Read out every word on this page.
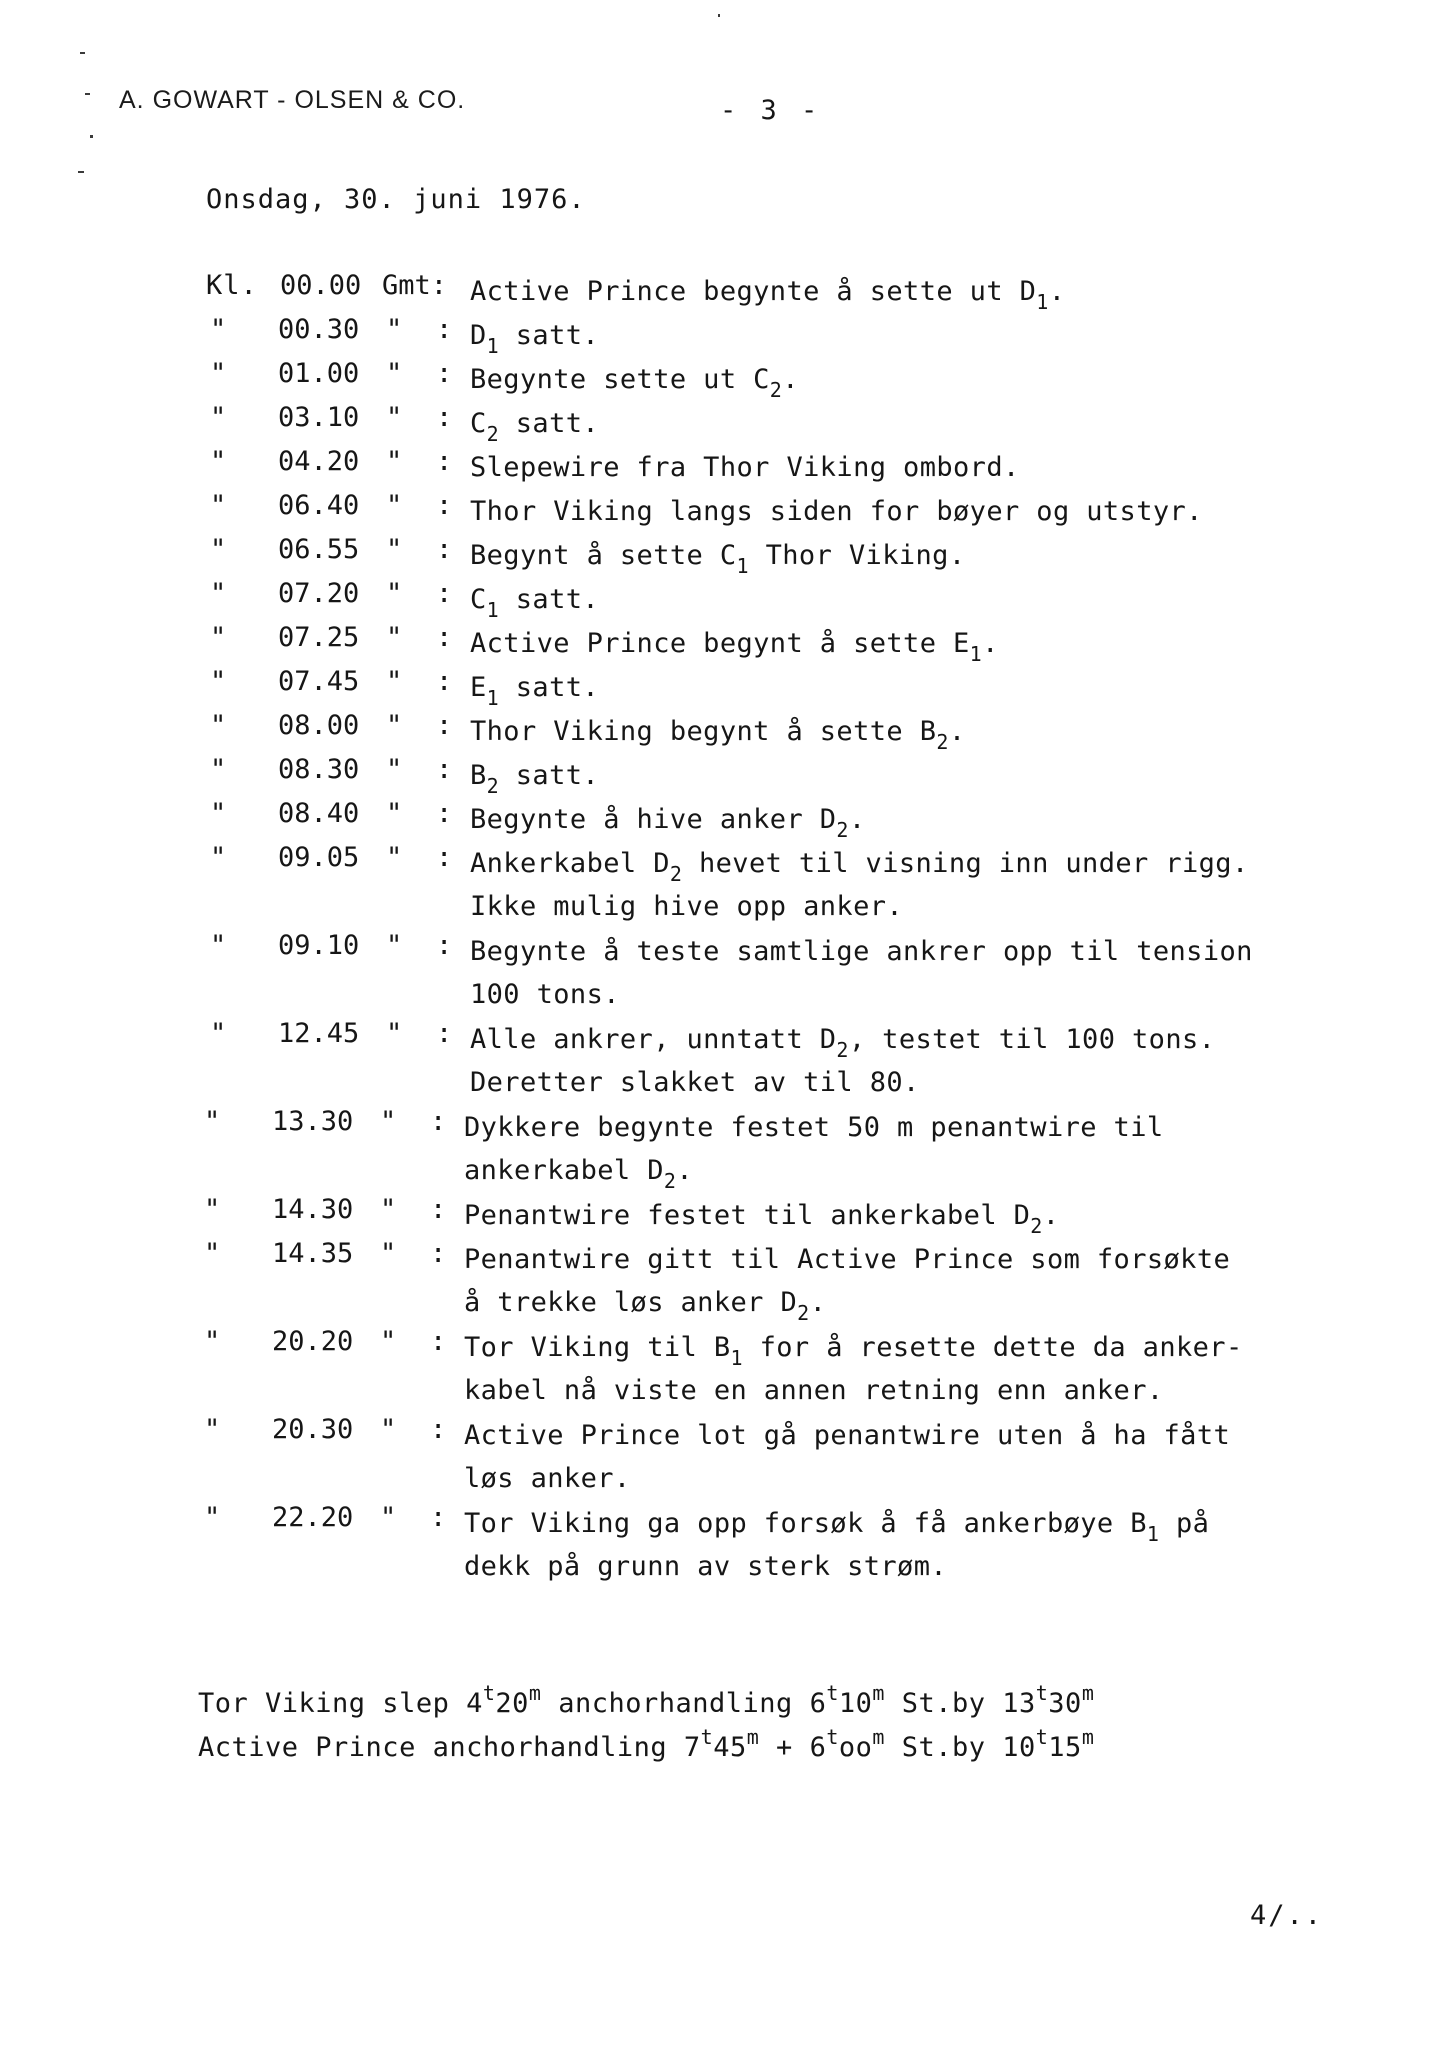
A. GOWART - OLSEN & CO.	- 3 -
Onsdag, 30. juni 1976.
Kl. 00.00 Gmt: Active Prince begynte å sette ut $D_1$.
" 00.30 " : $D_1$ satt.
" 01.00 " : Begynte sette ut $C_2$.
" 03.10 " : $C_2$ satt.
" 04.20 " : Slepewire fra Thor Viking ombord.
" 06.40 " : Thor Viking langs siden for bøyer og utstyr.
" 06.55 " : Begynt å sette $C_1$ Thor Viking.
" 07.20 " : $C_1$ satt.
" 07.25 " : Active Prince begynt å sette $E_1$.
" 07.45 " : $E_1$ satt.
" 08.00 " : Thor Viking begynt å sette $B_2$.
" 08.30 " : $B_2$ satt.
" 08.40 " : Begynte å hive anker $D_2$.
" 09.05 " : Ankerkabel $D_2$ hevet til visning inn under rigg.
Ikke mulig hive opp anker.
" 09.10 " : Begynte å teste samtlige ankrer opp til tension
100 tons.
" 12.45 " : Alle ankrer, unntatt $D_2$, testet til 100 tons.
Deretter slakket av til 80.
" 13.30 " : Dykkere begynte festet 50 m penantwire til
ankerkabel $D_2$.
" 14.30 " : Penantwire festet til ankerkabel $D_2$.
" 14.35 " : Penantwire gitt til Active Prince som forsøkte
å trekke løs anker $D_2$.
" 20.20 " : Tor Viking til $B_1$ for å resette dette da anker-
kabel nå viste en annen retning enn anker.
" 20.30 " : Active Prince lot gå penantwire uten å ha fått
løs anker.
" 22.20 " : Tor Viking ga opp forsøk å få ankerbøye $B_1$ på
dekk på grunn av sterk strøm.
Tor Viking slep 4$^t$20$^m$ anchorhandling 6$^t$10$^m$ St.by 13$^t$30$^m$
Active Prince anchorhandling $7^t45^m + 6^too^m$ St.by 10$^t$15$^m$
4/..
